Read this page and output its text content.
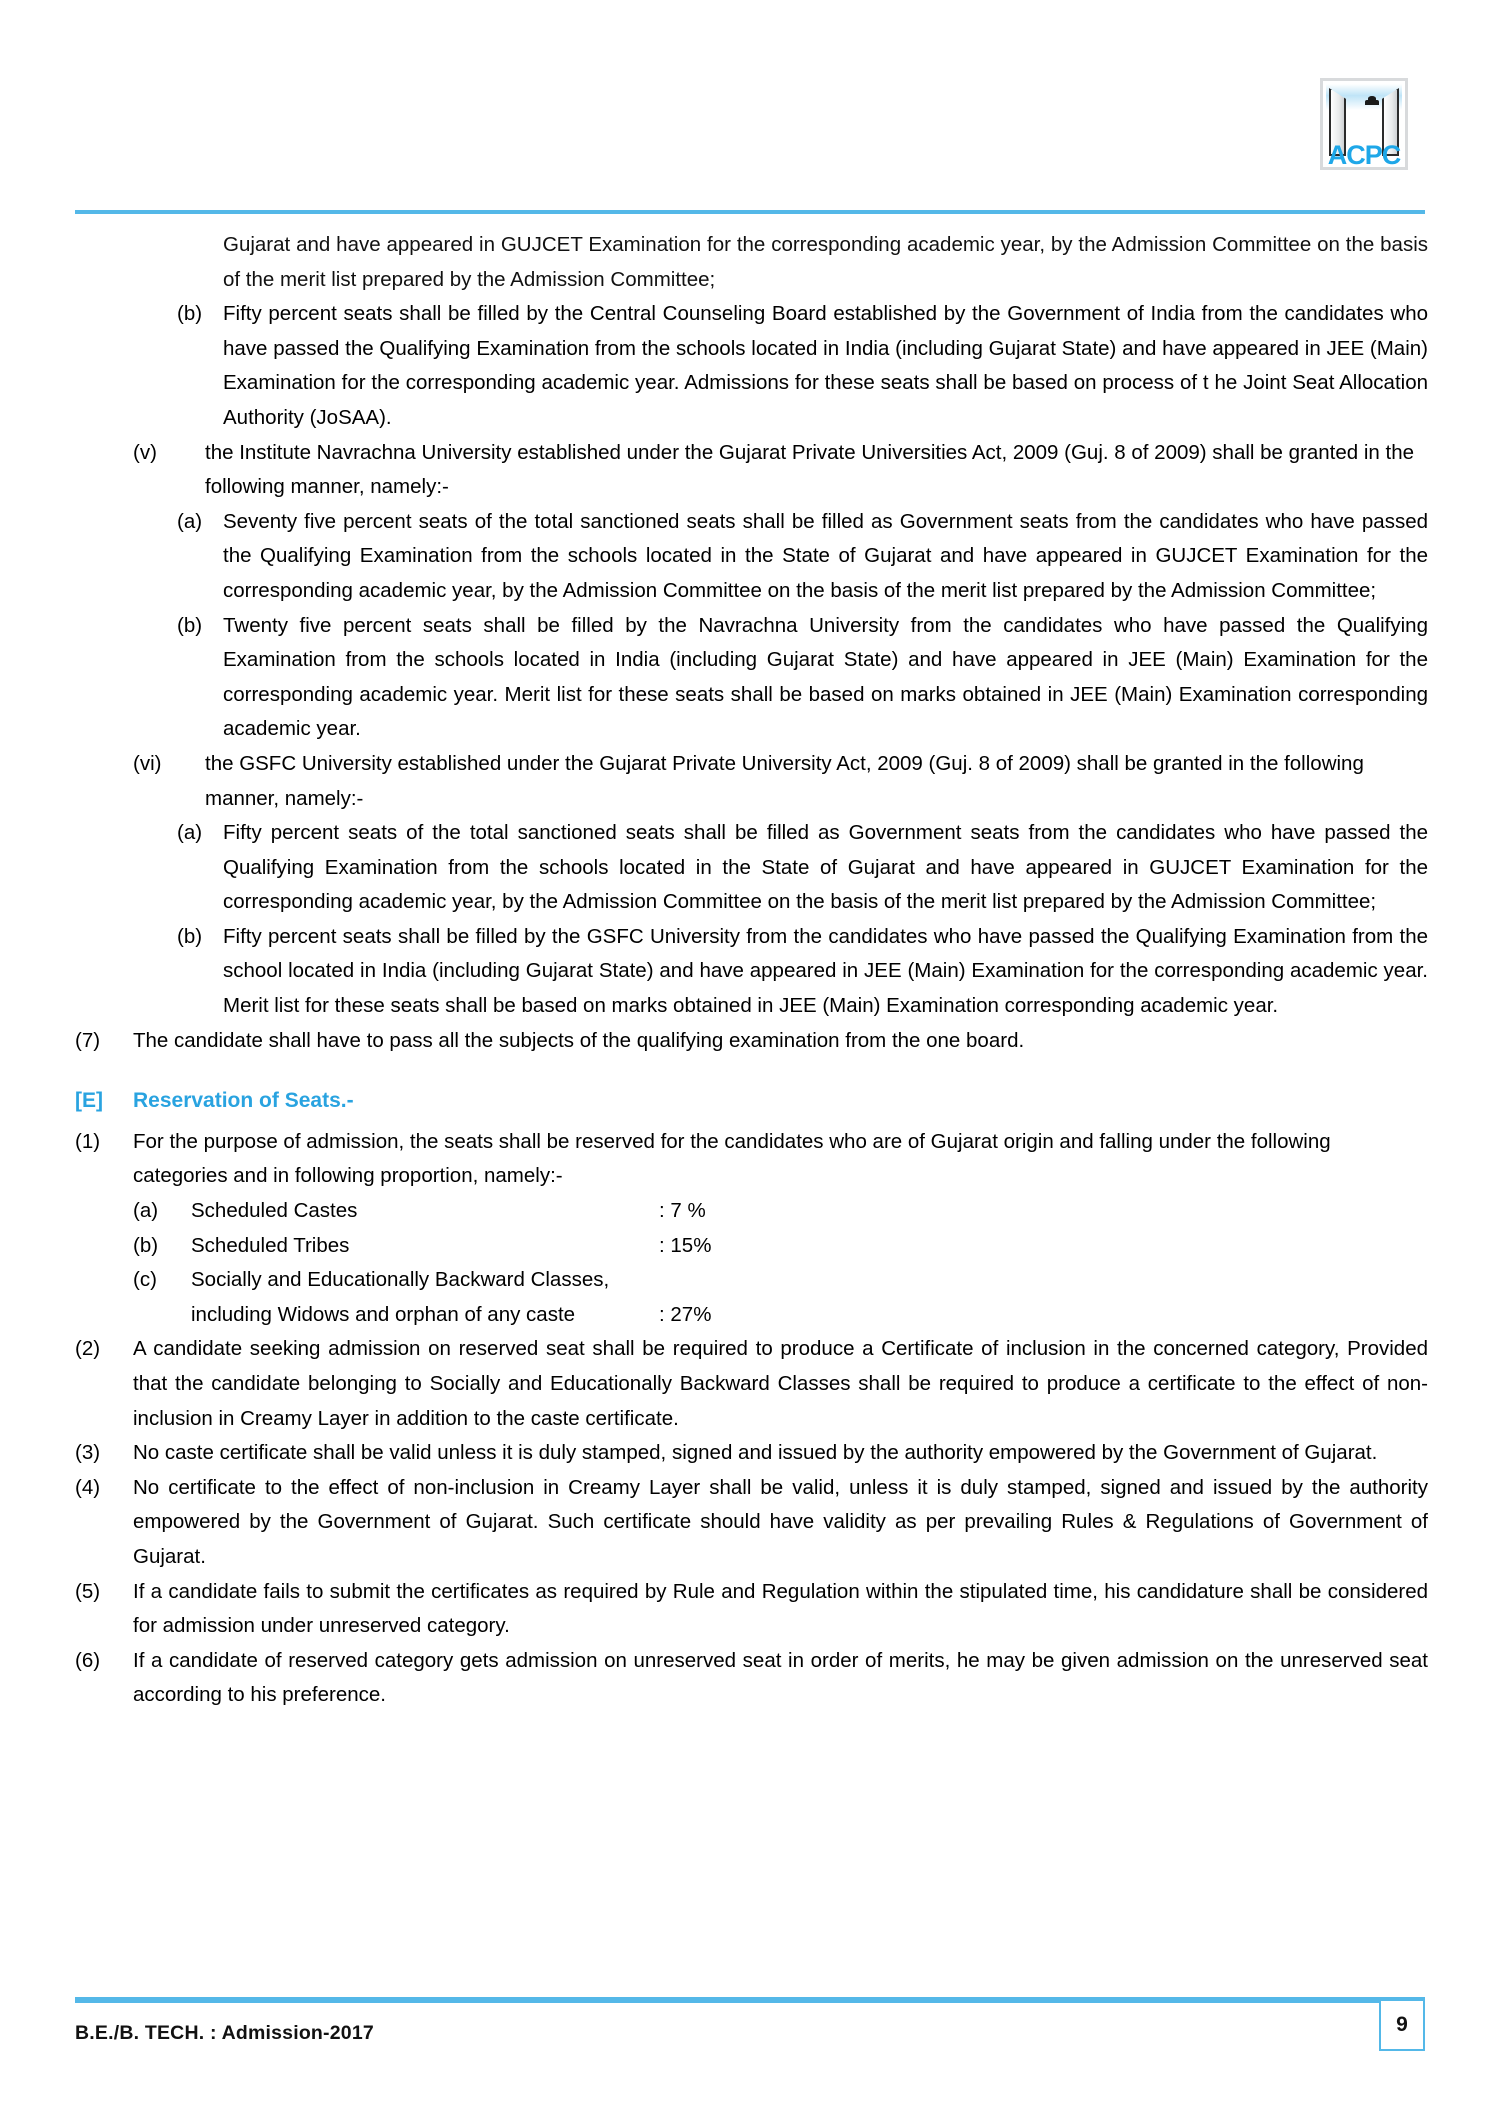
ACPC
Gujarat and have appeared in GUJCET Examination for the corresponding academic year, by the Admission Committee on the basis of the merit list prepared by the Admission Committee;
(b)	Fifty percent seats shall be filled by the Central Counseling Board established by the Government of India from the candidates who have passed the Qualifying Examination from the schools located in India (including Gujarat State) and have appeared in JEE (Main) Examination for the corresponding academic year. Admissions for these seats shall be based on process of t he Joint Seat Allocation Authority (JoSAA).
(v)	the Institute Navrachna University established under the Gujarat Private Universities Act, 2009 (Guj. 8 of 2009) shall be granted in the following manner, namely:-
(a)	Seventy five percent seats of the total sanctioned seats shall be filled as Government seats from the candidates who have passed the Qualifying Examination from the schools located in the State of Gujarat and have appeared in GUJCET Examination for the corresponding academic year, by the Admission Committee on the basis of the merit list prepared by the Admission Committee;
(b)	Twenty five percent seats shall be filled by the Navrachna University from the candidates who have passed the Qualifying Examination from the schools located in India (including Gujarat State) and have appeared in JEE (Main) Examination for the corresponding academic year. Merit list for these seats shall be based on marks obtained in JEE (Main) Examination corresponding academic year.
(vi)	the GSFC University established under the Gujarat Private University Act, 2009 (Guj. 8 of 2009) shall be granted in the following manner, namely:-
(a)	Fifty percent seats of the total sanctioned seats shall be filled as Government seats from the candidates who have passed the Qualifying Examination from the schools located in the State of Gujarat and have appeared in GUJCET Examination for the corresponding academic year, by the Admission Committee on the basis of the merit list prepared by the Admission Committee;
(b)	Fifty percent seats shall be filled by the GSFC University from the candidates who have passed the Qualifying Examination from the school located in India (including Gujarat State) and have appeared in JEE (Main) Examination for the corresponding academic year. Merit list for these seats shall be based on marks obtained in JEE (Main) Examination corresponding academic year.
(7)	The candidate shall have to pass all the subjects of the qualifying examination from the one board.
[E]	Reservation of Seats.-
(1)	For the purpose of admission, the seats shall be reserved for the candidates who are of Gujarat origin and falling under the following categories and in following proportion, namely:-
(a)	Scheduled Castes	: 7 %
(b)	Scheduled Tribes	: 15%
(c)	Socially and Educationally Backward Classes,
including Widows and orphan of any caste	: 27%
(2)	A candidate seeking admission on reserved seat shall be required to produce a Certificate of inclusion in the concerned category, Provided that the candidate belonging to Socially and Educationally Backward Classes shall be required to produce a certificate to the effect of non-inclusion in Creamy Layer in addition to the caste certificate.
(3)	No caste certificate shall be valid unless it is duly stamped, signed and issued by the authority empowered by the Government of Gujarat.
(4)	No certificate to the effect of non-inclusion in Creamy Layer shall be valid, unless it is duly stamped, signed and issued by the authority empowered by the Government of Gujarat. Such certificate should have validity as per prevailing Rules & Regulations of Government of Gujarat.
(5)	If a candidate fails to submit the certificates as required by Rule and Regulation within the stipulated time, his candidature shall be considered for admission under unreserved category.
(6)	If a candidate of reserved category gets admission on unreserved seat in order of merits, he may be given admission on the unreserved seat according to his preference.
B.E./B. TECH. : Admission-2017	9
